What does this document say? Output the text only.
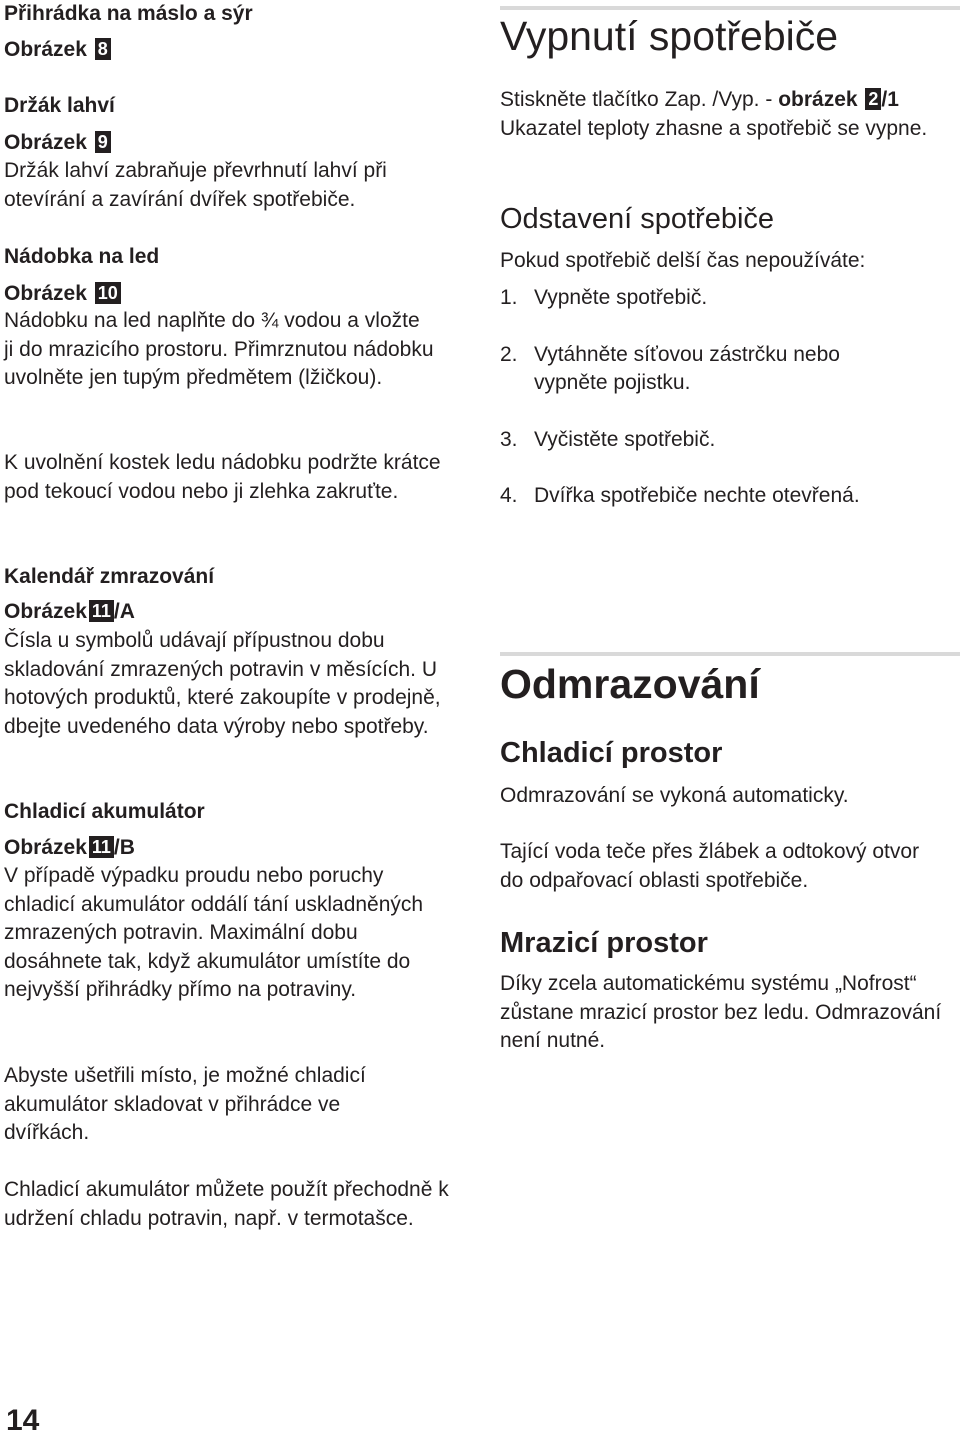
Přihrádka na máslo a sýr

Obrázek 8

Držák lahví

Obrázek 9

Držák lahví zabraňuje převrhnutí lahví při otevírání a zavírání dvířek spotřebiče.

Nádobka na led

Obrázek 10

Nádobku na led naplňte do ¾ vodou a vložte ji do mrazicího prostoru. Přimrznutou nádobku uvolněte jen tupým předmětem (lžičkou).

K uvolnění kostek ledu nádobku podržte krátce pod tekoucí vodou nebo ji zlehka zakruťte.

Kalendář zmrazování

Obrázek 11 /A

Čísla u symbolů udávají přípustnou dobu skladování zmrazených potravin v měsících. U hotových produktů, které zakoupíte v prodejně, dbejte uvedeného data výroby nebo spotřeby.

Chladicí akumulátor

Obrázek 11 /B

V případě výpadku proudu nebo poruchy chladicí akumulátor oddálí tání uskladněných zmrazených potravin. Maximální dobu dosáhnete tak, když akumulátor umístíte do nejvyšší přihrádky přímo na potraviny.

Abyste ušetřili místo, je možné chladicí akumulátor skladovat v přihrádce ve dvířkách.

Chladicí akumulátor můžete použít přechodně k udržení chladu potravin, např. v termotašce.

Vypnutí spotřebiče

Stiskněte tlačítko Zap. /Vyp. - obrázek 2 /1 Ukazatel teploty zhasne a spotřebič se vypne.

Odstavení spotřebiče

Pokud spotřebič delší čas nepoužíváte:

1. Vypněte spotřebič.
2. Vytáhněte síťovou zástrčku nebo vypněte pojistku.
3. Vyčistěte spotřebič.
4. Dvířka spotřebiče nechte otevřená.
Odmrazování
Chladicí prostor

Odmrazování se vykoná automaticky.

Tající voda teče přes žlábek a odtokový otvor do odpařovací oblasti spotřebiče.

Mrazicí prostor

Díky zcela automatickému systému „Nofrost“ zůstane mrazicí prostor bez ledu. Odmrazování není nutné.

14
